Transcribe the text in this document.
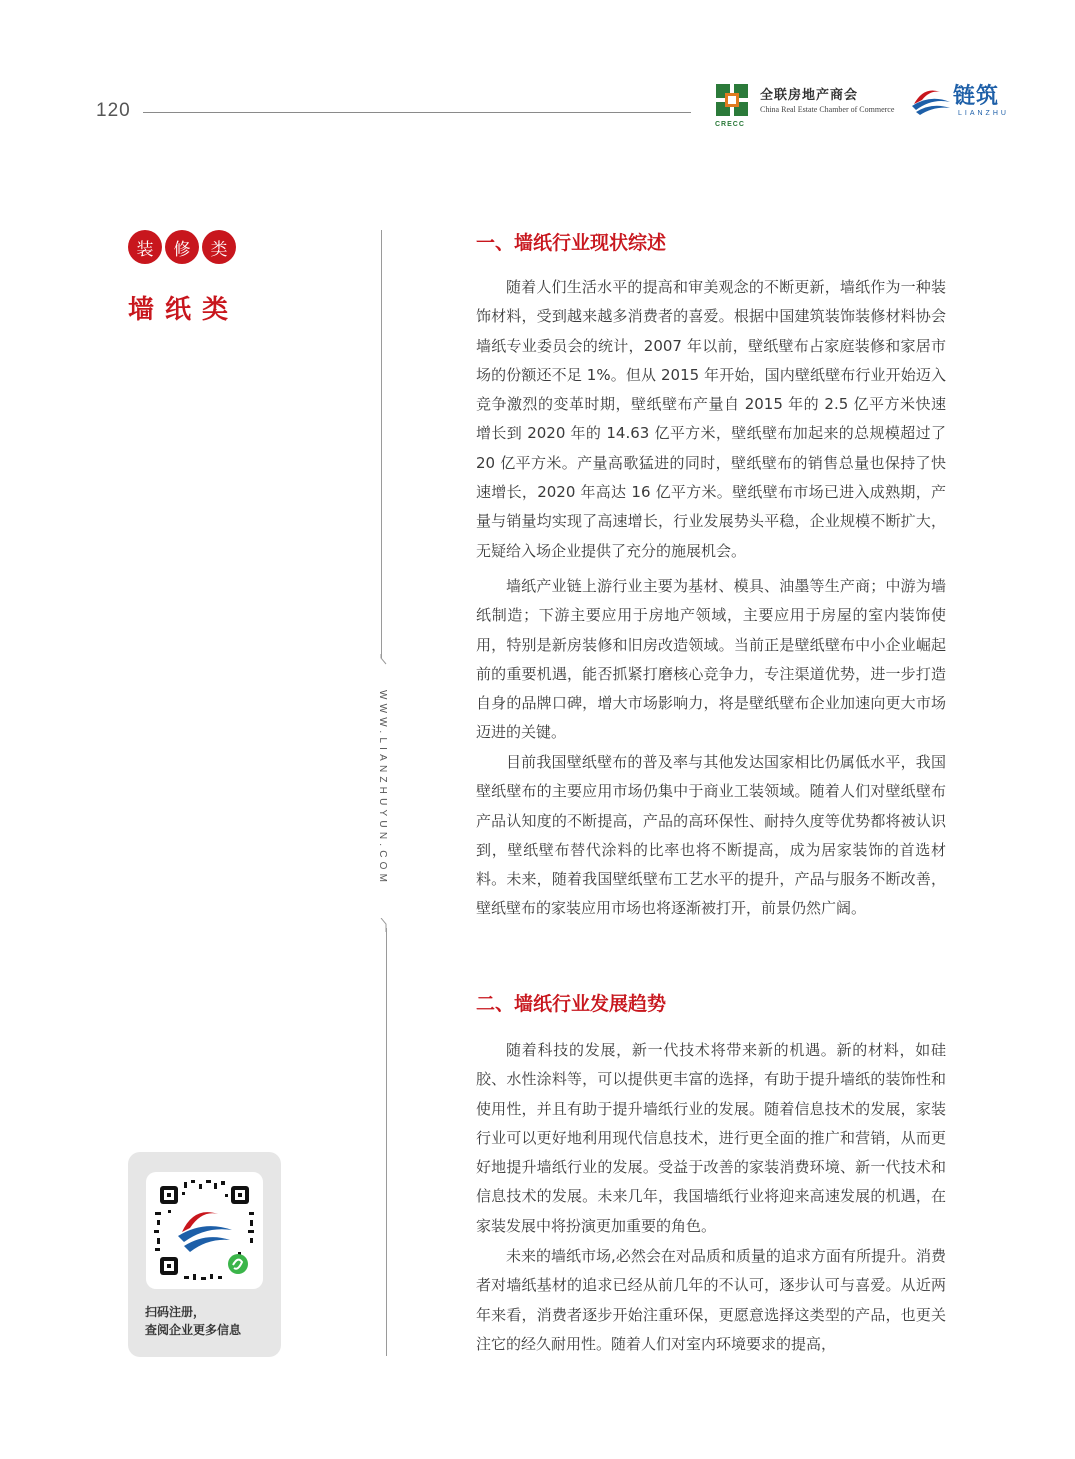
120
CRECC
全联房地产商会
China Real Estate Chamber of Commerce
链筑
LIANZHU
装	修	类
墙纸类
WWW.LIANZHUYUN.COM
扫码注册，
查阅企业更多信息
一、墙纸行业现状综述

随着人们生活水平的提高和审美观念的不断更新，墙纸作为一种装饰材料，受到越来越多消费者的喜爱。根据中国建筑装饰装修材料协会墙纸专业委员会的统计，2007 年以前，壁纸壁布占家庭装修和家居市场的份额还不足 1%。但从 2015 年开始，国内壁纸壁布行业开始迈入竞争激烈的变革时期，壁纸壁布产量自 2015 年的 2.5 亿平方米快速增长到 2020 年的 14.63 亿平方米，壁纸壁布加起来的总规模超过了 20 亿平方米。产量高歌猛进的同时，壁纸壁布的销售总量也保持了快速增长，2020 年高达 16 亿平方米。壁纸壁布市场已进入成熟期，产量与销量均实现了高速增长，行业发展势头平稳，企业规模不断扩大，无疑给入场企业提供了充分的施展机会。

墙纸产业链上游行业主要为基材、模具、油墨等生产商；中游为墙纸制造；下游主要应用于房地产领域，主要应用于房屋的室内装饰使用，特别是新房装修和旧房改造领域。当前正是壁纸壁布中小企业崛起前的重要机遇，能否抓紧打磨核心竞争力，专注渠道优势，进一步打造自身的品牌口碑，增大市场影响力，将是壁纸壁布企业加速向更大市场迈进的关键。

目前我国壁纸壁布的普及率与其他发达国家相比仍属低水平，我国壁纸壁布的主要应用市场仍集中于商业工装领域。随着人们对壁纸壁布产品认知度的不断提高，产品的高环保性、耐持久度等优势都将被认识到，壁纸壁布替代涂料的比率也将不断提高，成为居家装饰的首选材料。未来，随着我国壁纸壁布工艺水平的提升，产品与服务不断改善，壁纸壁布的家装应用市场也将逐渐被打开，前景仍然广阔。

二、墙纸行业发展趋势

随着科技的发展，新一代技术将带来新的机遇。新的材料，如硅胶、水性涂料等，可以提供更丰富的选择，有助于提升墙纸的装饰性和使用性，并且有助于提升墙纸行业的发展。随着信息技术的发展，家装行业可以更好地利用现代信息技术，进行更全面的推广和营销，从而更好地提升墙纸行业的发展。受益于改善的家装消费环境、新一代技术和信息技术的发展。未来几年，我国墙纸行业将迎来高速发展的机遇，在家装发展中将扮演更加重要的角色。

未来的墙纸市场,必然会在对品质和质量的追求方面有所提升。消费者对墙纸基材的追求已经从前几年的不认可，逐步认可与喜爱。从近两年来看，消费者逐步开始注重环保，更愿意选择这类型的产品，也更关注它的经久耐用性。随着人们对室内环境要求的提高，
